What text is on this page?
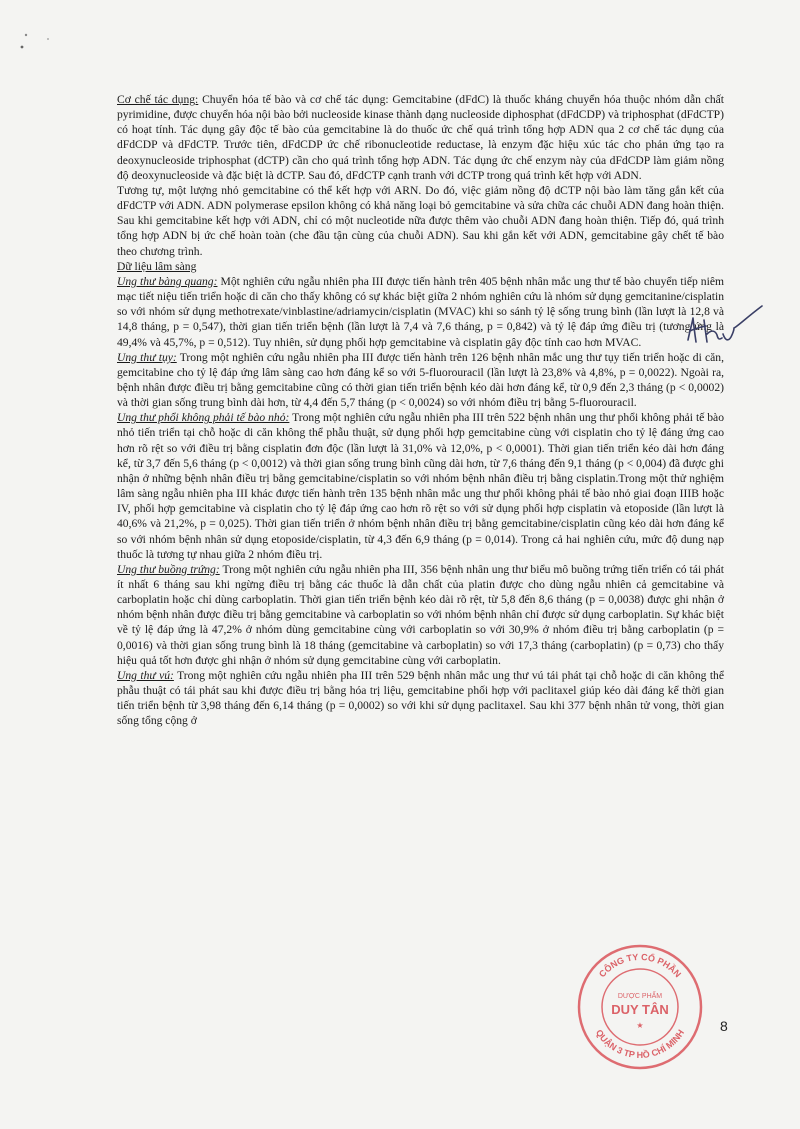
Cơ chế tác dụng: Chuyển hóa tế bào và cơ chế tác dụng: Gemcitabine (dFdC) là thuốc kháng chuyển hóa thuộc nhóm dẫn chất pyrimidine, được chuyển hóa nội bào bởi nucleoside kinase thành dạng nucleoside diphosphat (dFdCDP) và triphosphat (dFdCTP) có hoạt tính. Tác dụng gây độc tế bào của gemcitabine là do thuốc ức chế quá trình tổng hợp ADN qua 2 cơ chế tác dụng của dFdCDP và dFdCTP. Trước tiên, dFdCDP ức chế ribonucleotide reductase, là enzym đặc hiệu xúc tác cho phản ứng tạo ra deoxynucleoside triphosphat (dCTP) cần cho quá trình tổng hợp ADN. Tác dụng ức chế enzym này của dFdCDP làm giảm nồng độ deoxynucleoside và đặc biệt là dCTP. Sau đó, dFdCTP cạnh tranh với dCTP trong quá trình kết hợp với ADN.

Tương tự, một lượng nhỏ gemcitabine có thể kết hợp với ARN. Do đó, việc giảm nồng độ dCTP nội bào làm tăng gắn kết của dFdCTP với ADN. ADN polymerase epsilon không có khả năng loại bỏ gemcitabine và sửa chữa các chuỗi ADN đang hoàn thiện. Sau khi gemcitabine kết hợp với ADN, chỉ có một nucleotide nữa được thêm vào chuỗi ADN đang hoàn thiện. Tiếp đó, quá trình tổng hợp ADN bị ức chế hoàn toàn (che đầu tận cùng của chuỗi ADN). Sau khi gắn kết với ADN, gemcitabine gây chết tế bào theo chương trình.

Dữ liệu lâm sàng

Ung thư bàng quang: Một nghiên cứu ngẫu nhiên pha III được tiến hành trên 405 bệnh nhân mắc ung thư tế bào chuyển tiếp niêm mạc tiết niệu tiến triển hoặc di căn cho thấy không có sự khác biệt giữa 2 nhóm nghiên cứu là nhóm sử dụng gemcitanine/cisplatin so với nhóm sử dụng methotrexate/vinblastine/adriamycin/cisplatin (MVAC) khi so sánh tỷ lệ sống trung bình (lần lượt là 12,8 và 14,8 tháng, p = 0,547), thời gian tiến triển bệnh (lần lượt là 7,4 và 7,6 tháng, p = 0,842) và tỷ lệ đáp ứng điều trị (tương ứng là 49,4% và 45,7%, p = 0,512). Tuy nhiên, sử dụng phối hợp gemcitabine và cisplatin gây độc tính cao hơn MVAC.

Ung thư tụy: Trong một nghiên cứu ngẫu nhiên pha III được tiến hành trên 126 bệnh nhân mắc ung thư tụy tiến triển hoặc di căn, gemcitabine cho tỷ lệ đáp ứng lâm sàng cao hơn đáng kể so với 5-fluorouracil (lần lượt là 23,8% và 4,8%, p = 0,0022). Ngoài ra, bệnh nhân được điều trị bằng gemcitabine cũng có thời gian tiến triển bệnh kéo dài hơn đáng kể, từ 0,9 đến 2,3 tháng (p < 0,0002) và thời gian sống trung bình dài hơn, từ 4,4 đến 5,7 tháng (p < 0,0024) so với nhóm điều trị bằng 5-fluorouracil.

Ung thư phổi không phải tế bào nhỏ: Trong một nghiên cứu ngẫu nhiên pha III trên 522 bệnh nhân ung thư phổi không phải tế bào nhỏ tiến triển tại chỗ hoặc di căn không thể phẫu thuật, sử dụng phối hợp gemcitabine cùng với cisplatin cho tỷ lệ đáng ứng cao hơn rõ rệt so với điều trị bằng cisplatin đơn độc (lần lượt là 31,0% và 12,0%, p < 0,0001). Thời gian tiến triển kéo dài hơn đáng kể, từ 3,7 đến 5,6 tháng (p < 0,0012) và thời gian sống trung bình cũng dài hơn, từ 7,6 tháng đến 9,1 tháng (p < 0,004) đã được ghi nhận ở những bệnh nhân điều trị bằng gemcitabine/cisplatin so với nhóm bệnh nhân điều trị bằng cisplatin.Trong một thử nghiệm lâm sàng ngẫu nhiên pha III khác được tiến hành trên 135 bệnh nhân mắc ung thư phổi không phải tế bào nhỏ giai đoạn IIIB hoặc IV, phối hợp gemcitabine và cisplatin cho tỷ lệ đáp ứng cao hơn rõ rệt so với sử dụng phối hợp cisplatin và etoposide (lần lượt là 40,6% và 21,2%, p = 0,025). Thời gian tiến triển ở nhóm bệnh nhân điều trị bằng gemcitabine/cisplatin cũng kéo dài hơn đáng kể so với nhóm bệnh nhân sử dụng etoposide/cisplatin, từ 4,3 đến 6,9 tháng (p = 0,014). Trong cả hai nghiên cứu, mức độ dung nạp thuốc là tương tự nhau giữa 2 nhóm điều trị.

Ung thư buồng trứng: Trong một nghiên cứu ngẫu nhiên pha III, 356 bệnh nhân ung thư biểu mô buồng trứng tiến triển có tái phát ít nhất 6 tháng sau khi ngừng điều trị bằng các thuốc là dẫn chất của platin được cho dùng ngẫu nhiên cả gemcitabine và carboplatin hoặc chỉ dùng carboplatin. Thời gian tiến triển bệnh kéo dài rõ rệt, từ 5,8 đến 8,6 tháng (p = 0,0038) được ghi nhận ở nhóm bệnh nhân được điều trị bằng gemcitabine và carboplatin so với nhóm bệnh nhân chỉ được sử dụng carboplatin. Sự khác biệt về tỷ lệ đáp ứng là 47,2% ở nhóm dùng gemcitabine cùng với carboplatin so với 30,9% ở nhóm điều trị bằng carboplatin (p = 0,0016) và thời gian sống trung bình là 18 tháng (gemcitabine và carboplatin) so với 17,3 tháng (carboplatin) (p = 0,73) cho thấy hiệu quả tốt hơn được ghi nhận ở nhóm sử dụng gemcitabine cùng với carboplatin.

Ung thư vú: Trong một nghiên cứu ngẫu nhiên pha III trên 529 bệnh nhân mắc ung thư vú tái phát tại chỗ hoặc di căn không thể phẫu thuật có tái phát sau khi được điều trị bằng hóa trị liệu, gemcitabine phối hợp với paclitaxel giúp kéo dài đáng kể thời gian tiến triển bệnh từ 3,98 tháng đến 6,14 tháng (p = 0,0002) so với khi sử dụng paclitaxel. Sau khi 377 bệnh nhân tử vong, thời gian sống tổng cộng ở

CÔNG TY CỔ PHẦN
QUẬN 3 TP HỒ CHÍ MINH
DƯỢC PHẨM
DUY TÂN
★	8
